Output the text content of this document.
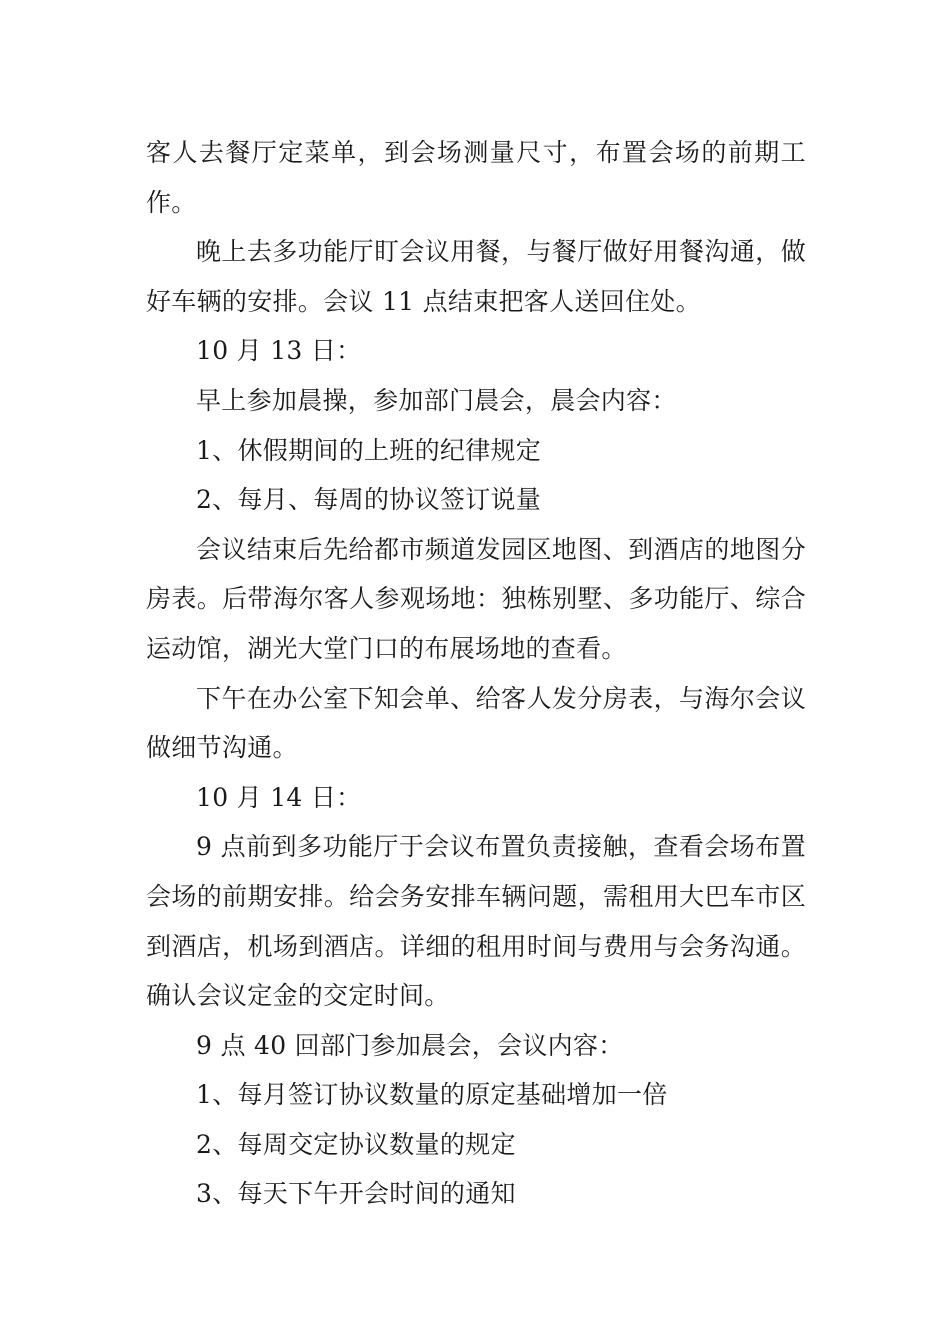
客人去餐厅定菜单，到会场测量尺寸，布置会场的前期工作。

晚上去多功能厅盯会议用餐，与餐厅做好用餐沟通，做好车辆的安排。会议 11 点结束把客人送回住处。

10 月 13 日：

早上参加晨操，参加部门晨会，晨会内容：

1、休假期间的上班的纪律规定

2、每月、每周的协议签订说量

会议结束后先给都市频道发园区地图、到酒店的地图分房表。后带海尔客人参观场地：独栋别墅、多功能厅、综合运动馆，湖光大堂门口的布展场地的查看。

下午在办公室下知会单、给客人发分房表，与海尔会议做细节沟通。

10 月 14 日：

9 点前到多功能厅于会议布置负责接触，查看会场布置会场的前期安排。给会务安排车辆问题，需租用大巴车市区到酒店，机场到酒店。详细的租用时间与费用与会务沟通。确认会议定金的交定时间。

9 点 40 回部门参加晨会，会议内容：

1、每月签订协议数量的原定基础增加一倍

2、每周交定协议数量的规定

3、每天下午开会时间的通知
